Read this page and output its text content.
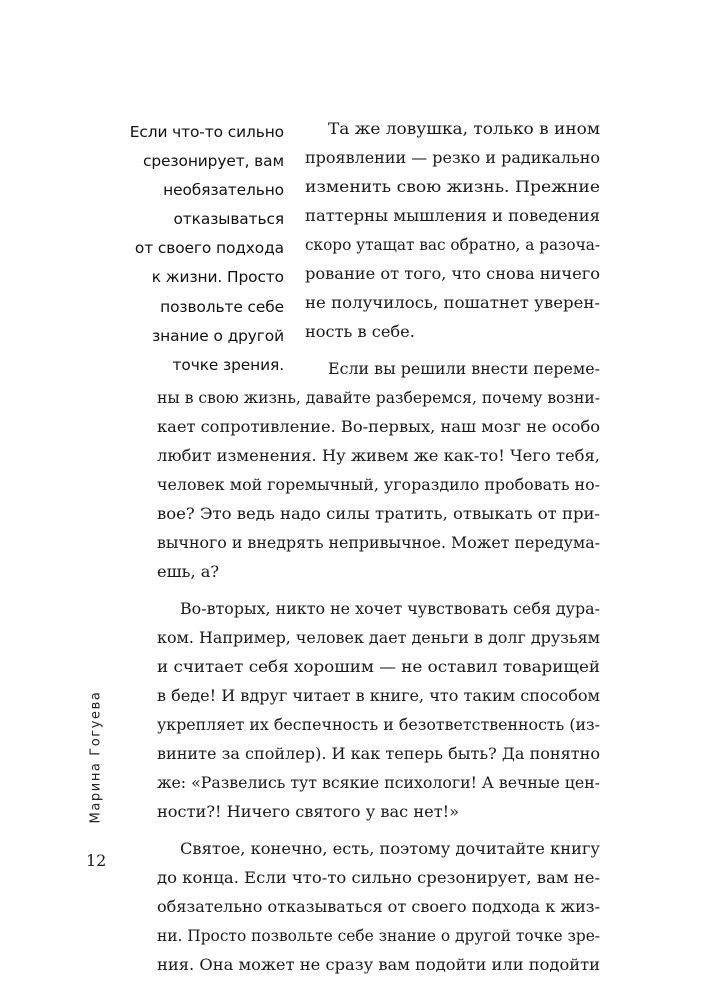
Если что-то сильно
срезонирует, вам
необязательно
отказываться
от своего подхода
к жизни. Просто
позвольте себе
знание о другой
точке зрения.
Та же ловушка, только в ином
проявлении — резко и радикально
изменить свою жизнь. Прежние
паттерны мышления и поведения
скоро утащат вас обратно, а разоча-
рование от того, что снова ничего
не получилось, пошатнет уверен-
ность в себе.
Если вы решили внести переме-
ны в свою жизнь, давайте разберемся, почему возни-
кает сопротивление. Во-первых, наш мозг не особо
любит изменения. Ну живем же как-то! Чего тебя,
человек мой горемычный, угораздило пробовать но-
вое? Это ведь надо силы тратить, отвыкать от при-
вычного и внедрять непривычное. Может передума-
ешь, а?
Во-вторых, никто не хочет чувствовать себя дура-
ком. Например, человек дает деньги в долг друзьям
и считает себя хорошим — не оставил товарищей
в беде! И вдруг читает в книге, что таким способом
укрепляет их беспечность и безответственность (из-
вините за спойлер). И как теперь быть? Да понятно
же: «Развелись тут всякие психологи! А вечные цен-
ности?! Ничего святого у вас нет!»
Святое, конечно, есть, поэтому дочитайте книгу
до конца. Если что-то сильно срезонирует, вам не-
обязательно отказываться от своего подхода к жиз-
ни. Просто позвольте себе знание о другой точке зре-
ния. Она может не сразу вам подойти или подойти
Марина Гогуева
12
